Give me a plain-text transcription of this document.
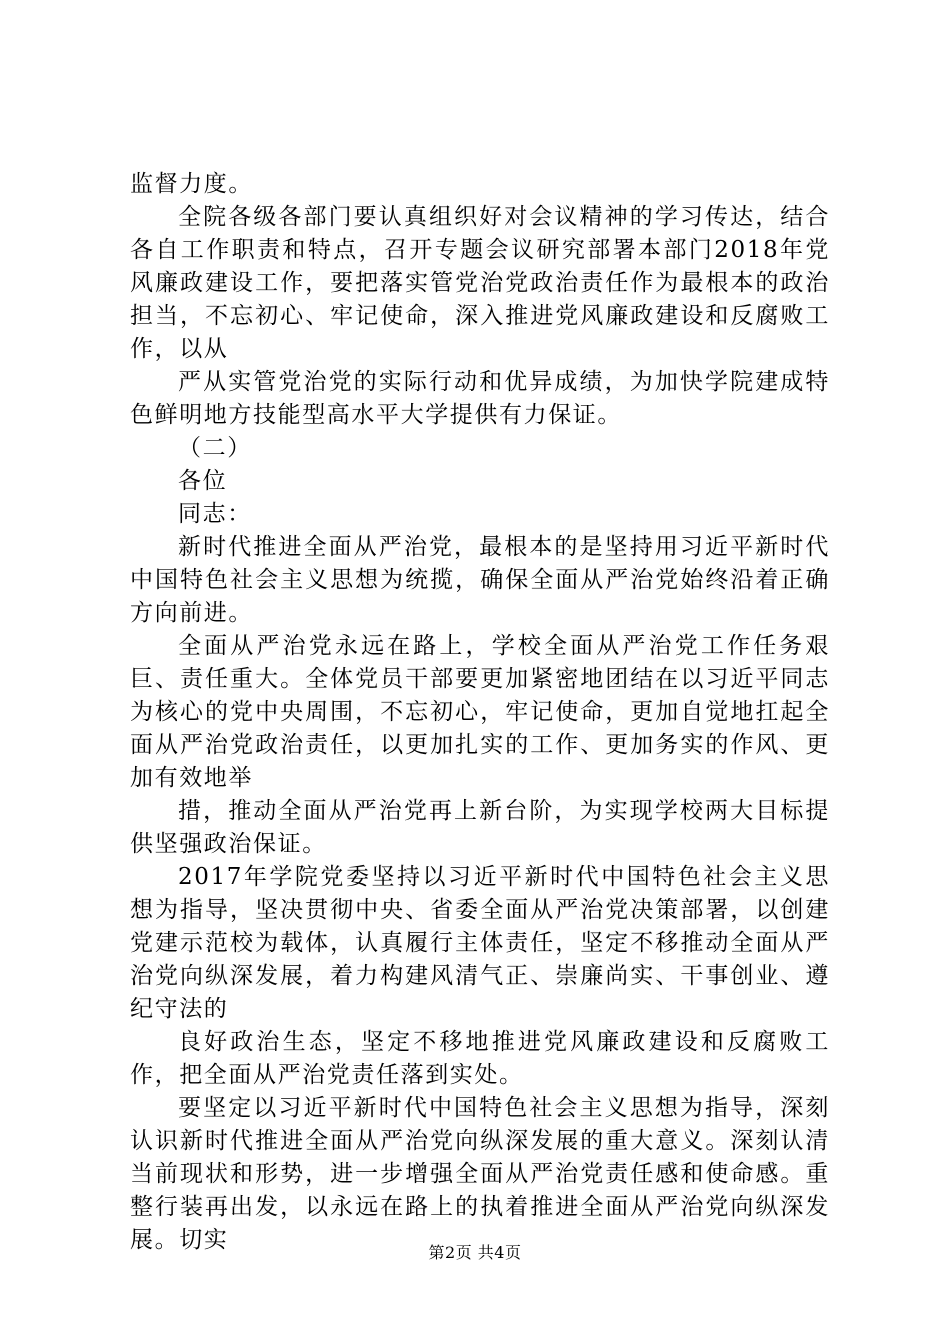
监督力度。

全院各级各部门要认真组织好对会议精神的学习传达，结合各自工作职责和特点，召开专题会议研究部署本部门2018年党风廉政建设工作，要把落实管党治党政治责任作为最根本的政治担当，不忘初心、牢记使命，深入推进党风廉政建设和反腐败工作，以从

严从实管党治党的实际行动和优异成绩，为加快学院建成特色鲜明地方技能型高水平大学提供有力保证。

（二）

各位

同志：

新时代推进全面从严治党，最根本的是坚持用习近平新时代中国特色社会主义思想为统揽，确保全面从严治党始终沿着正确方向前进。

全面从严治党永远在路上，学校全面从严治党工作任务艰巨、责任重大。全体党员干部要更加紧密地团结在以习近平同志为核心的党中央周围，不忘初心，牢记使命，更加自觉地扛起全面从严治党政治责任，以更加扎实的工作、更加务实的作风、更加有效地举

措，推动全面从严治党再上新台阶，为实现学校两大目标提供坚强政治保证。

2017年学院党委坚持以习近平新时代中国特色社会主义思想为指导，坚决贯彻中央、省委全面从严治党决策部署，以创建党建示范校为载体，认真履行主体责任，坚定不移推动全面从严治党向纵深发展，着力构建风清气正、崇廉尚实、干事创业、遵纪守法的

良好政治生态，坚定不移地推进党风廉政建设和反腐败工作，把全面从严治党责任落到实处。

要坚定以习近平新时代中国特色社会主义思想为指导，深刻认识新时代推进全面从严治党向纵深发展的重大意义。深刻认清当前现状和形势，进一步增强全面从严治党责任感和使命感。重整行装再出发，以永远在路上的执着推进全面从严治党向纵深发展。切实	第2页 共4页
